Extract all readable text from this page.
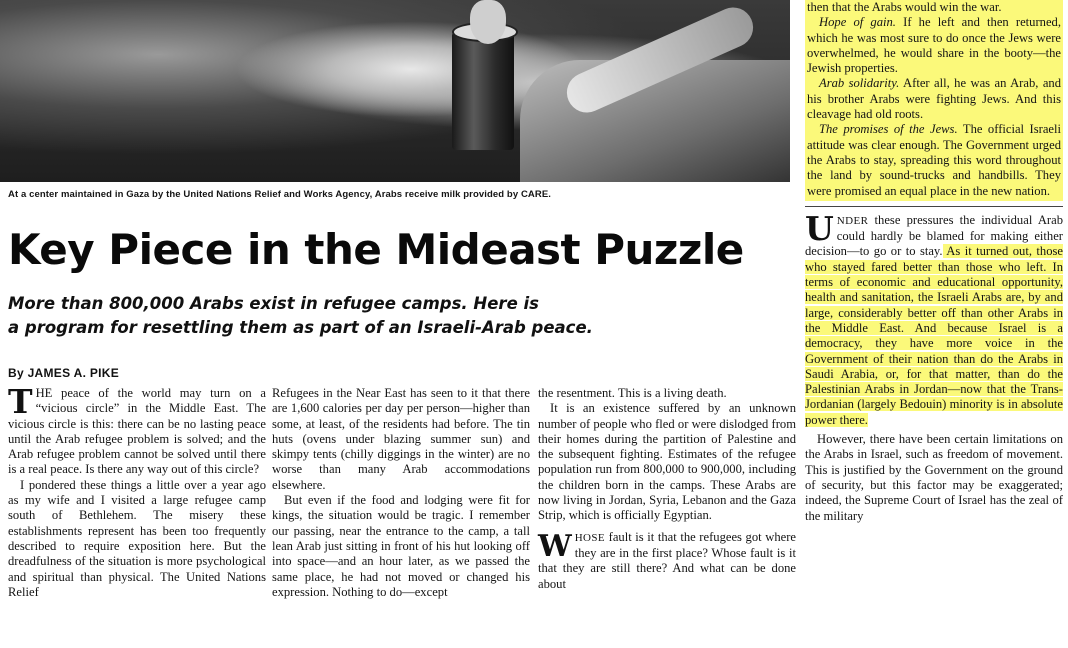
At a center maintained in Gaza by the United Nations Relief and Works Agency, Arabs receive milk provided by CARE.
Key Piece in the Mideast Puzzle
More than 800,000 Arabs exist in refugee camps. Here is
a program for resettling them as part of an Israeli-Arab peace.
By JAMES A. PIKE

THE peace of the world may turn on a “vicious circle” in the Middle East. The vicious circle is this: there can be no lasting peace until the Arab refugee problem is solved; and the Arab refugee problem cannot be solved until there is a real peace. Is there any way out of this circle?

I pondered these things a little over a year ago as my wife and I visited a large refugee camp south of Bethlehem. The misery these establishments represent has been too frequently described to require exposition here. But the dreadfulness of the situation is more psychological and spiritual than physical. The United Nations Relief

Refugees in the Near East has seen to it that there are 1,600 calories per day per person—higher than some, at least, of the residents had before. The tin huts (ovens under blazing summer sun) and skimpy tents (chilly diggings in the winter) are no worse than many Arab accommodations elsewhere.

But even if the food and lodging were fit for kings, the situation would be tragic. I remember our passing, near the entrance to the camp, a tall lean Arab just sitting in front of his hut looking off into space—and an hour later, as we passed the same place, he had not moved or changed his expression. Nothing to do—except

the resentment. This is a living death.

It is an existence suffered by an unknown number of people who fled or were dislodged from their homes during the partition of Palestine and the subsequent fighting. Estimates of the refugee population run from 800,000 to 900,000, including the children born in the camps. These Arabs are now living in Jordan, Syria, Lebanon and the Gaza Strip, which is officially Egyptian.

WHOSE fault is it that the refugees got where they are in the first place? Whose fault is it that they are still there? And what can be done about

then that the Arabs would win the war.

Hope of gain. If he left and then returned, which he was most sure to do once the Jews were overwhelmed, he would share in the booty—the Jewish properties.

Arab solidarity. After all, he was an Arab, and his brother Arabs were fighting Jews. And this cleavage had old roots.

The promises of the Jews. The official Israeli attitude was clear enough. The Government urged the Arabs to stay, spreading this word throughout the land by sound-trucks and handbills. They were promised an equal place in the new nation.

UNDER these pressures the individual Arab could hardly be blamed for making either decision—to go or to stay. As it turned out, those who stayed fared better than those who left. In terms of economic and educational opportunity, health and sanitation, the Israeli Arabs are, by and large, considerably better off than other Arabs in the Middle East. And because Israel is a democracy, they have more voice in the Government of their nation than do the Arabs in Saudi Arabia, or, for that matter, than do the Palestinian Arabs in Jordan—now that the Trans-Jordanian (largely Bedouin) minority is in absolute power there.

However, there have been certain limitations on the Arabs in Israel, such as freedom of movement. This is justified by the Government on the ground of security, but this factor may be exaggerated; indeed, the Supreme Court of Israel has the zeal of the military
